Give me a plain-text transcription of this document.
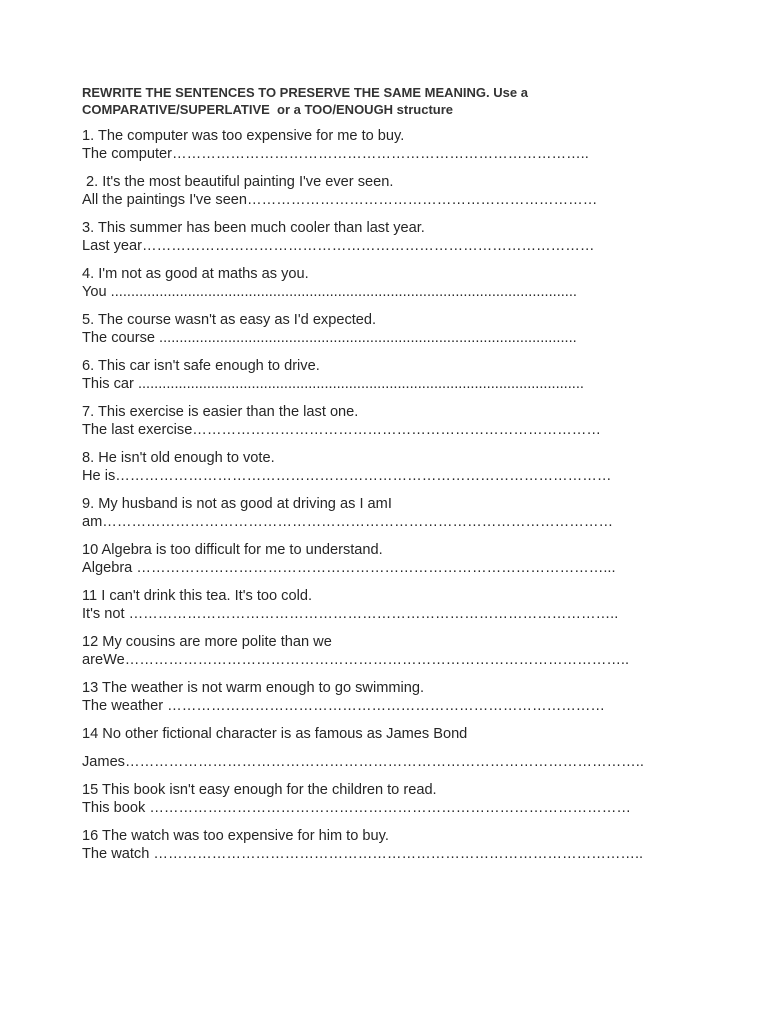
REWRITE THE SENTENCES TO PRESERVE THE SAME MEANING. Use a
COMPARATIVE/SUPERLATIVE  or a TOO/ENOUGH structure

1. The computer was too expensive for me to buy.

The computer…………………………………………………………………………..

2. It's the most beautiful painting I've ever seen.

All the paintings I've seen………………………………………………………………

3. This summer has been much cooler than last year.

Last year…………………………………………………………………………………

4. I'm not as good at maths as you.

You ...................................................................................................................

5. The course wasn't as easy as I'd expected.

The course .......................................................................................................

6. This car isn't safe enough to drive.

This car ..............................................................................................................

7. This exercise is easier than the last one.

The last exercise…………………………………………………………………………

8. He isn't old enough to vote.

He is…………………………………………………………………………………………

9. My husband is not as good at driving as I amI

am……………………………………………………………………………………………

10 Algebra is too difficult for me to understand.

Algebra ……………………………………………………………………………………...

11 I can't drink this tea. It's too cold.

It's not ………………………………………………………………………………………..

12 My cousins are more polite than we

areWe…………………………………………………………………………………………..

13 The weather is not warm enough to go swimming.

The weather ………………………………………………………………………………

14 No other fictional character is as famous as James Bond

James……………………………………………………………………………………………..

15 This book isn't easy enough for the children to read.

This book ………………………………………………………………………………………

16 The watch was too expensive for him to buy.

The watch ………………………………………………………………………………………..
